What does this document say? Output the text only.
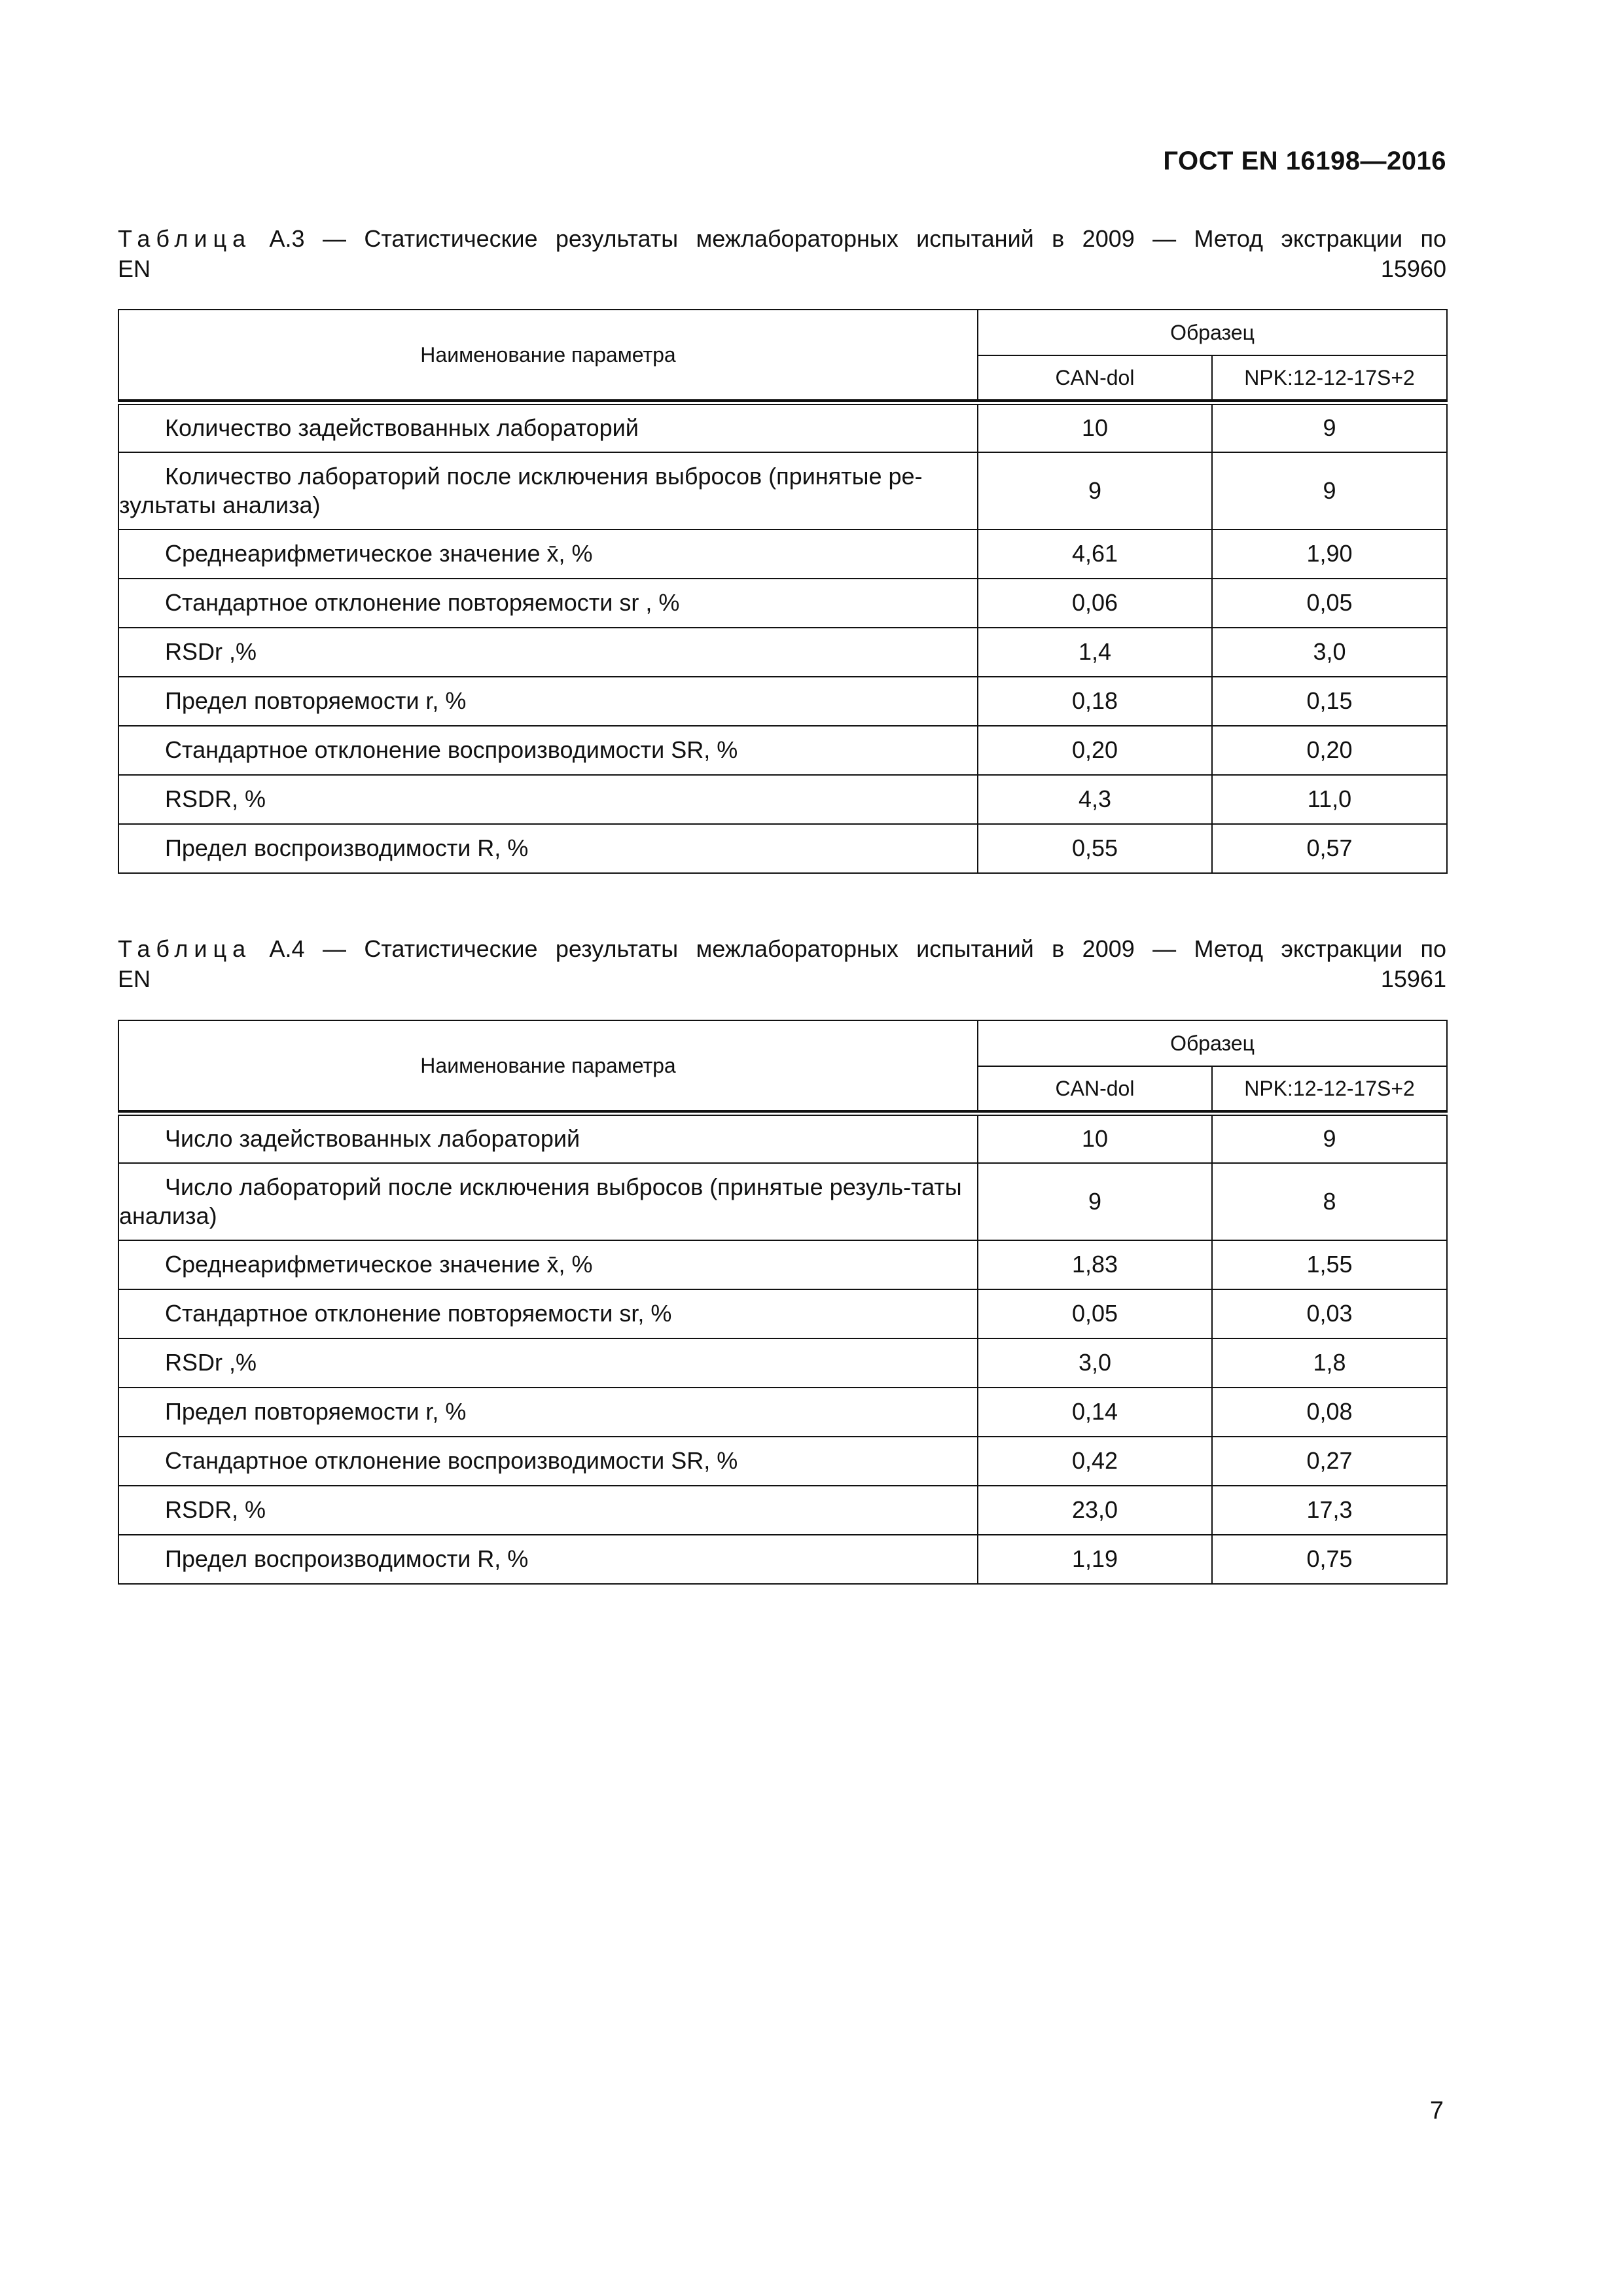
ГОСТ EN 16198—2016
Таблица А.3 — Статистические результаты межлабораторных испытаний в 2009 — Метод экстракции по
EN 15960
Наименование параметра	Образец	
	CAN-dol	NPK:12-12-17S+2

Количество задействованных лабораторий	10	9

Количество лабораторий после исключения выбросов (принятые ре-зультаты анализа)	9	9

Среднеарифметическое значение x̄, %	4,61	1,90

Стандартное отклонение повторяемости sr , %	0,06	0,05

RSDr ,%	1,4	3,0

Предел повторяемости r, %	0,18	0,15

Стандартное отклонение воспроизводимости SR, %	0,20	0,20

RSDR, %	4,3	11,0

Предел воспроизводимости R, %	0,55	0,57
Таблица А.4 — Статистические результаты межлабораторных испытаний в 2009 — Метод экстракции по
EN 15961
Наименование параметра	Образец	
	CAN-dol	NPK:12-12-17S+2

Число задействованных лабораторий	10	9

Число лабораторий после исключения выбросов (принятые резуль-таты анализа)	9	8

Среднеарифметическое значение x̄, %	1,83	1,55

Стандартное отклонение повторяемости sr, %	0,05	0,03

RSDr ,%	3,0	1,8

Предел повторяемости r, %	0,14	0,08

Стандартное отклонение воспроизводимости SR, %	0,42	0,27

RSDR, %	23,0	17,3

Предел воспроизводимости R, %	1,19	0,75
7
